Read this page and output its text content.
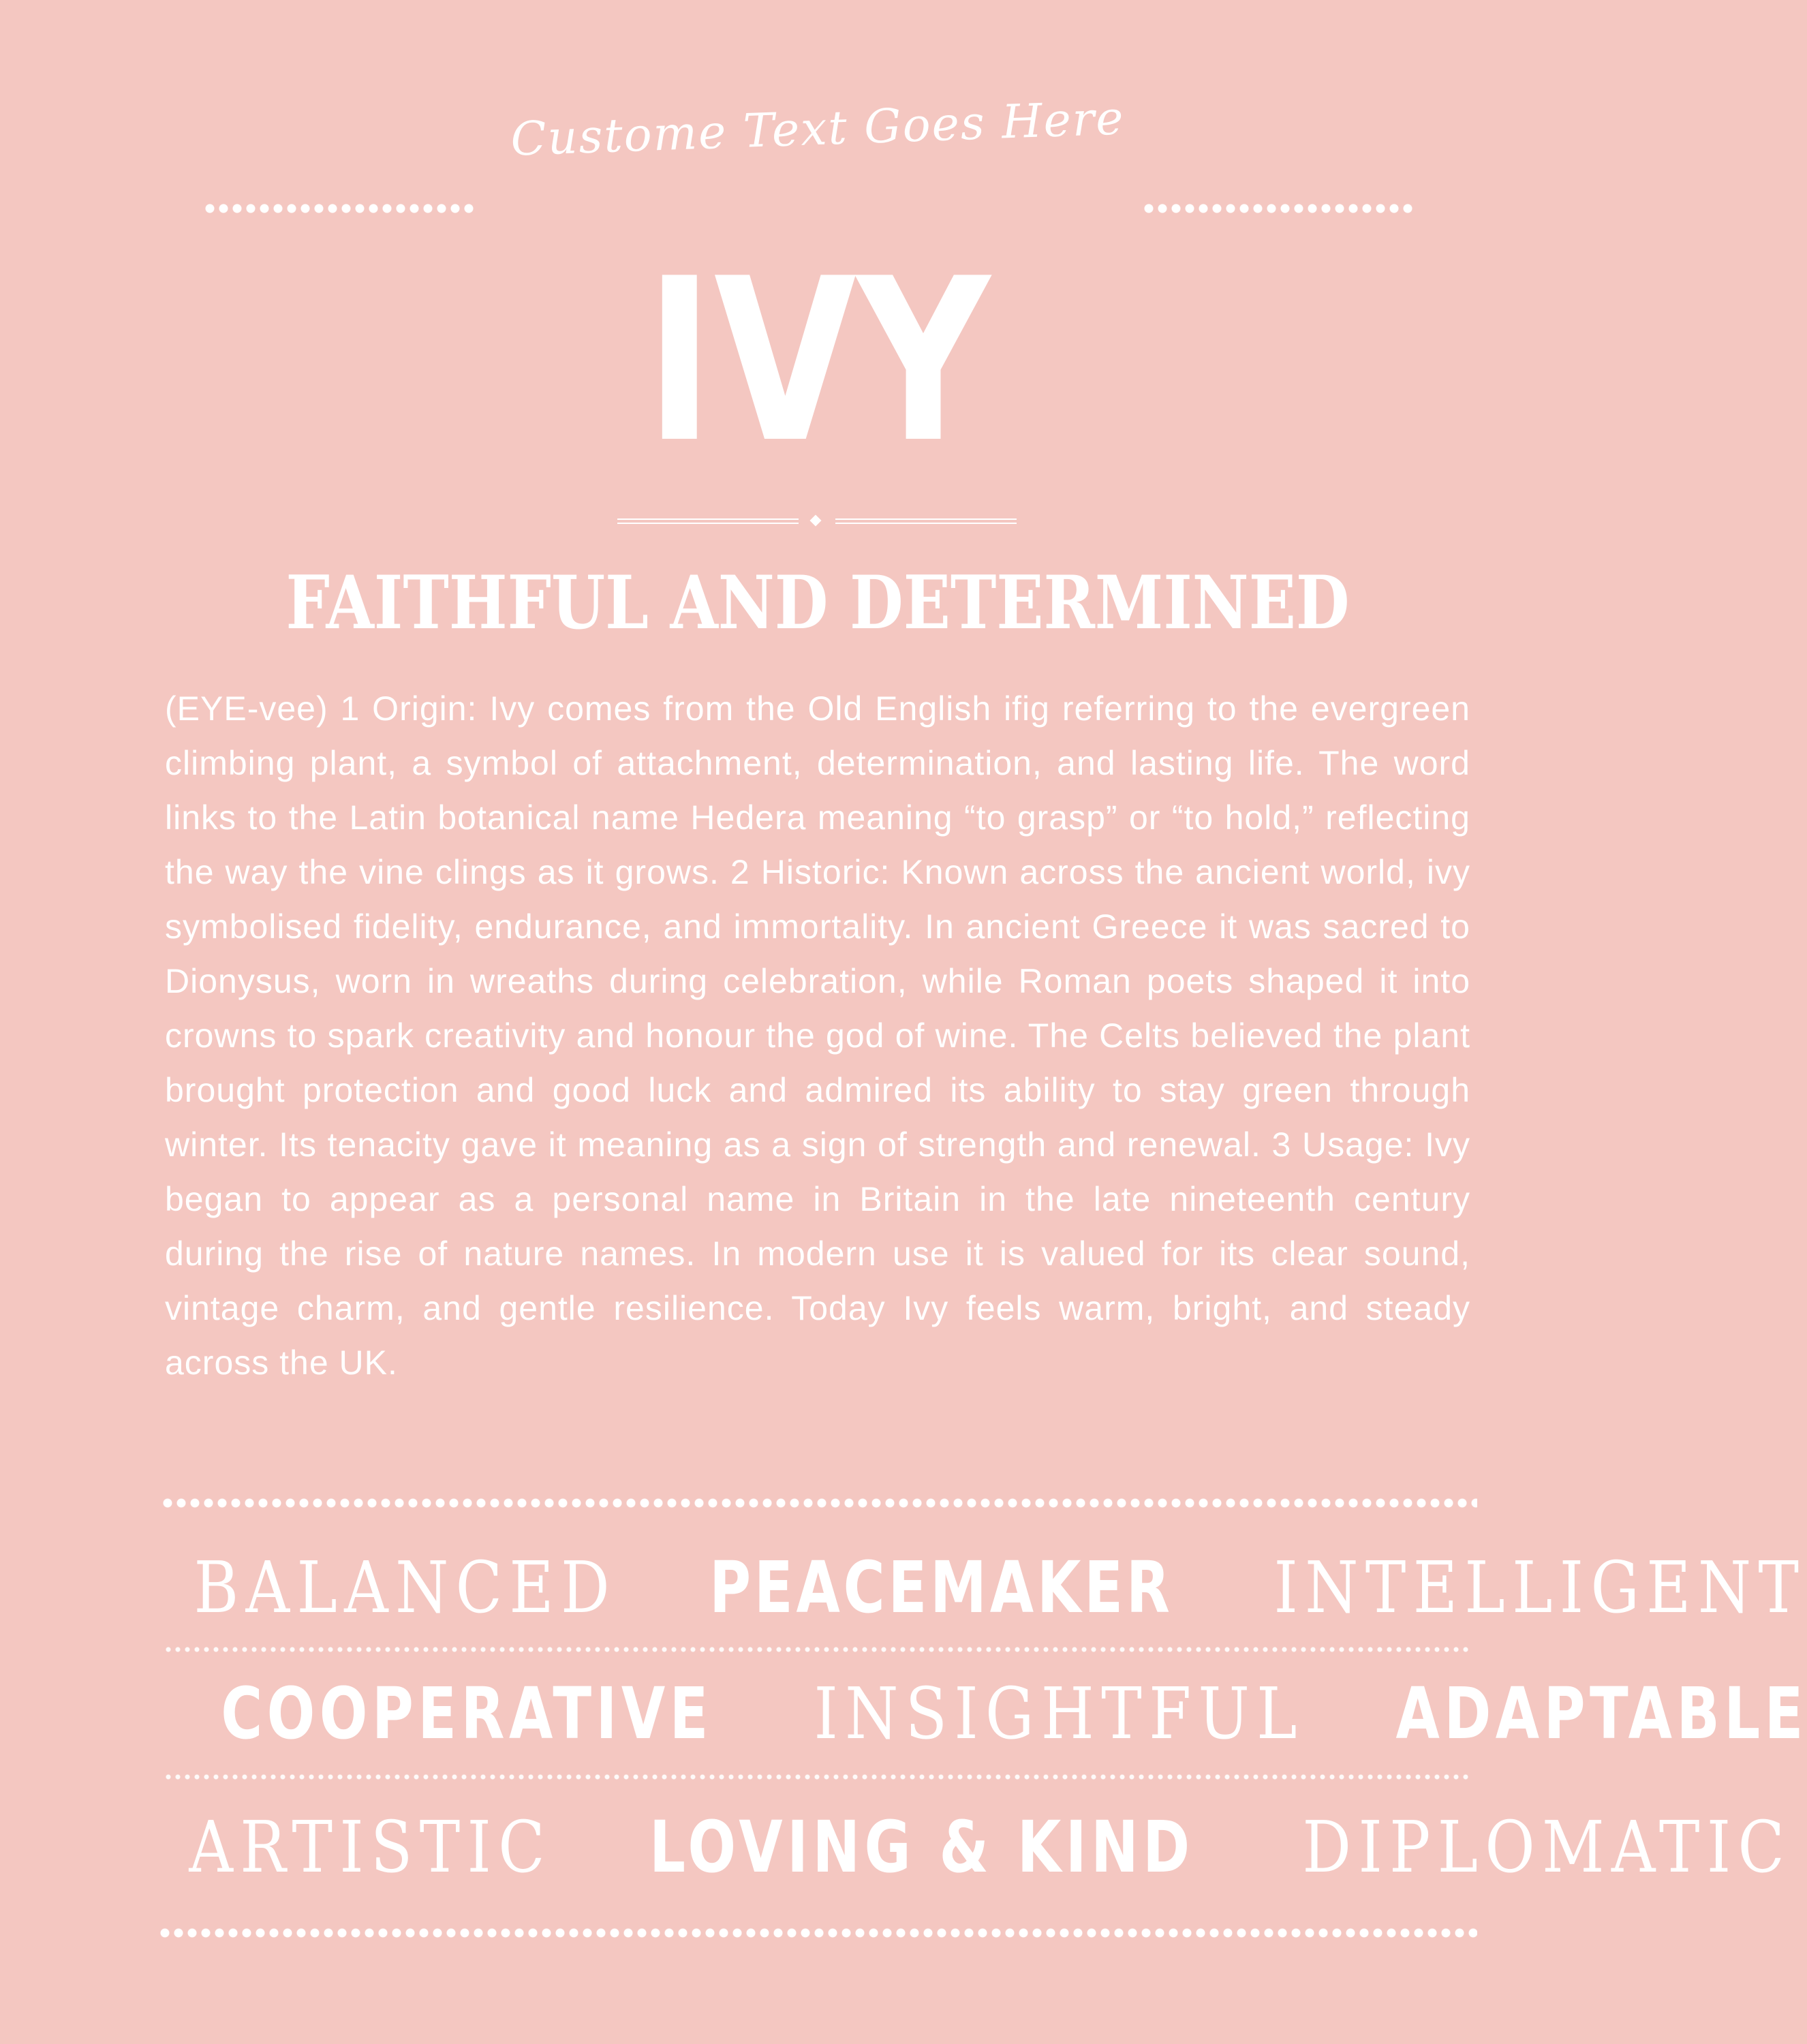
Custome Text Goes Here
IVY
FAITHFUL AND DETERMINED
(EYE-vee) 1 Origin: Ivy comes from the Old English ifig referring to the evergreen climbing plant, a symbol of attachment, determination, and lasting life. The word links to the Latin botanical name Hedera meaning “to grasp” or “to hold,” reflecting the way the vine clings as it grows. 2 Historic: Known across the ancient world, ivy symbolised fidelity, endurance, and immortality. In ancient Greece it was sacred to Dionysus, worn in wreaths during celebration, while Roman poets shaped it into crowns to spark creativity and honour the god of wine. The Celts believed the plant brought protection and good luck and admired its ability to stay green through winter. Its tenacity gave it meaning as a sign of strength and renewal. 3 Usage: Ivy began to appear as a personal name in Britain in the late nineteenth century during the rise of nature names. In modern use it is valued for its clear sound, vintage charm, and gentle resilience. Today Ivy feels warm, bright, and steady across the UK.
BALANCED PEACEMAKER INTELLIGENT
COOPERATIVE INSIGHTFUL ADAPTABLE
ARTISTIC LOVING & KIND DIPLOMATIC
